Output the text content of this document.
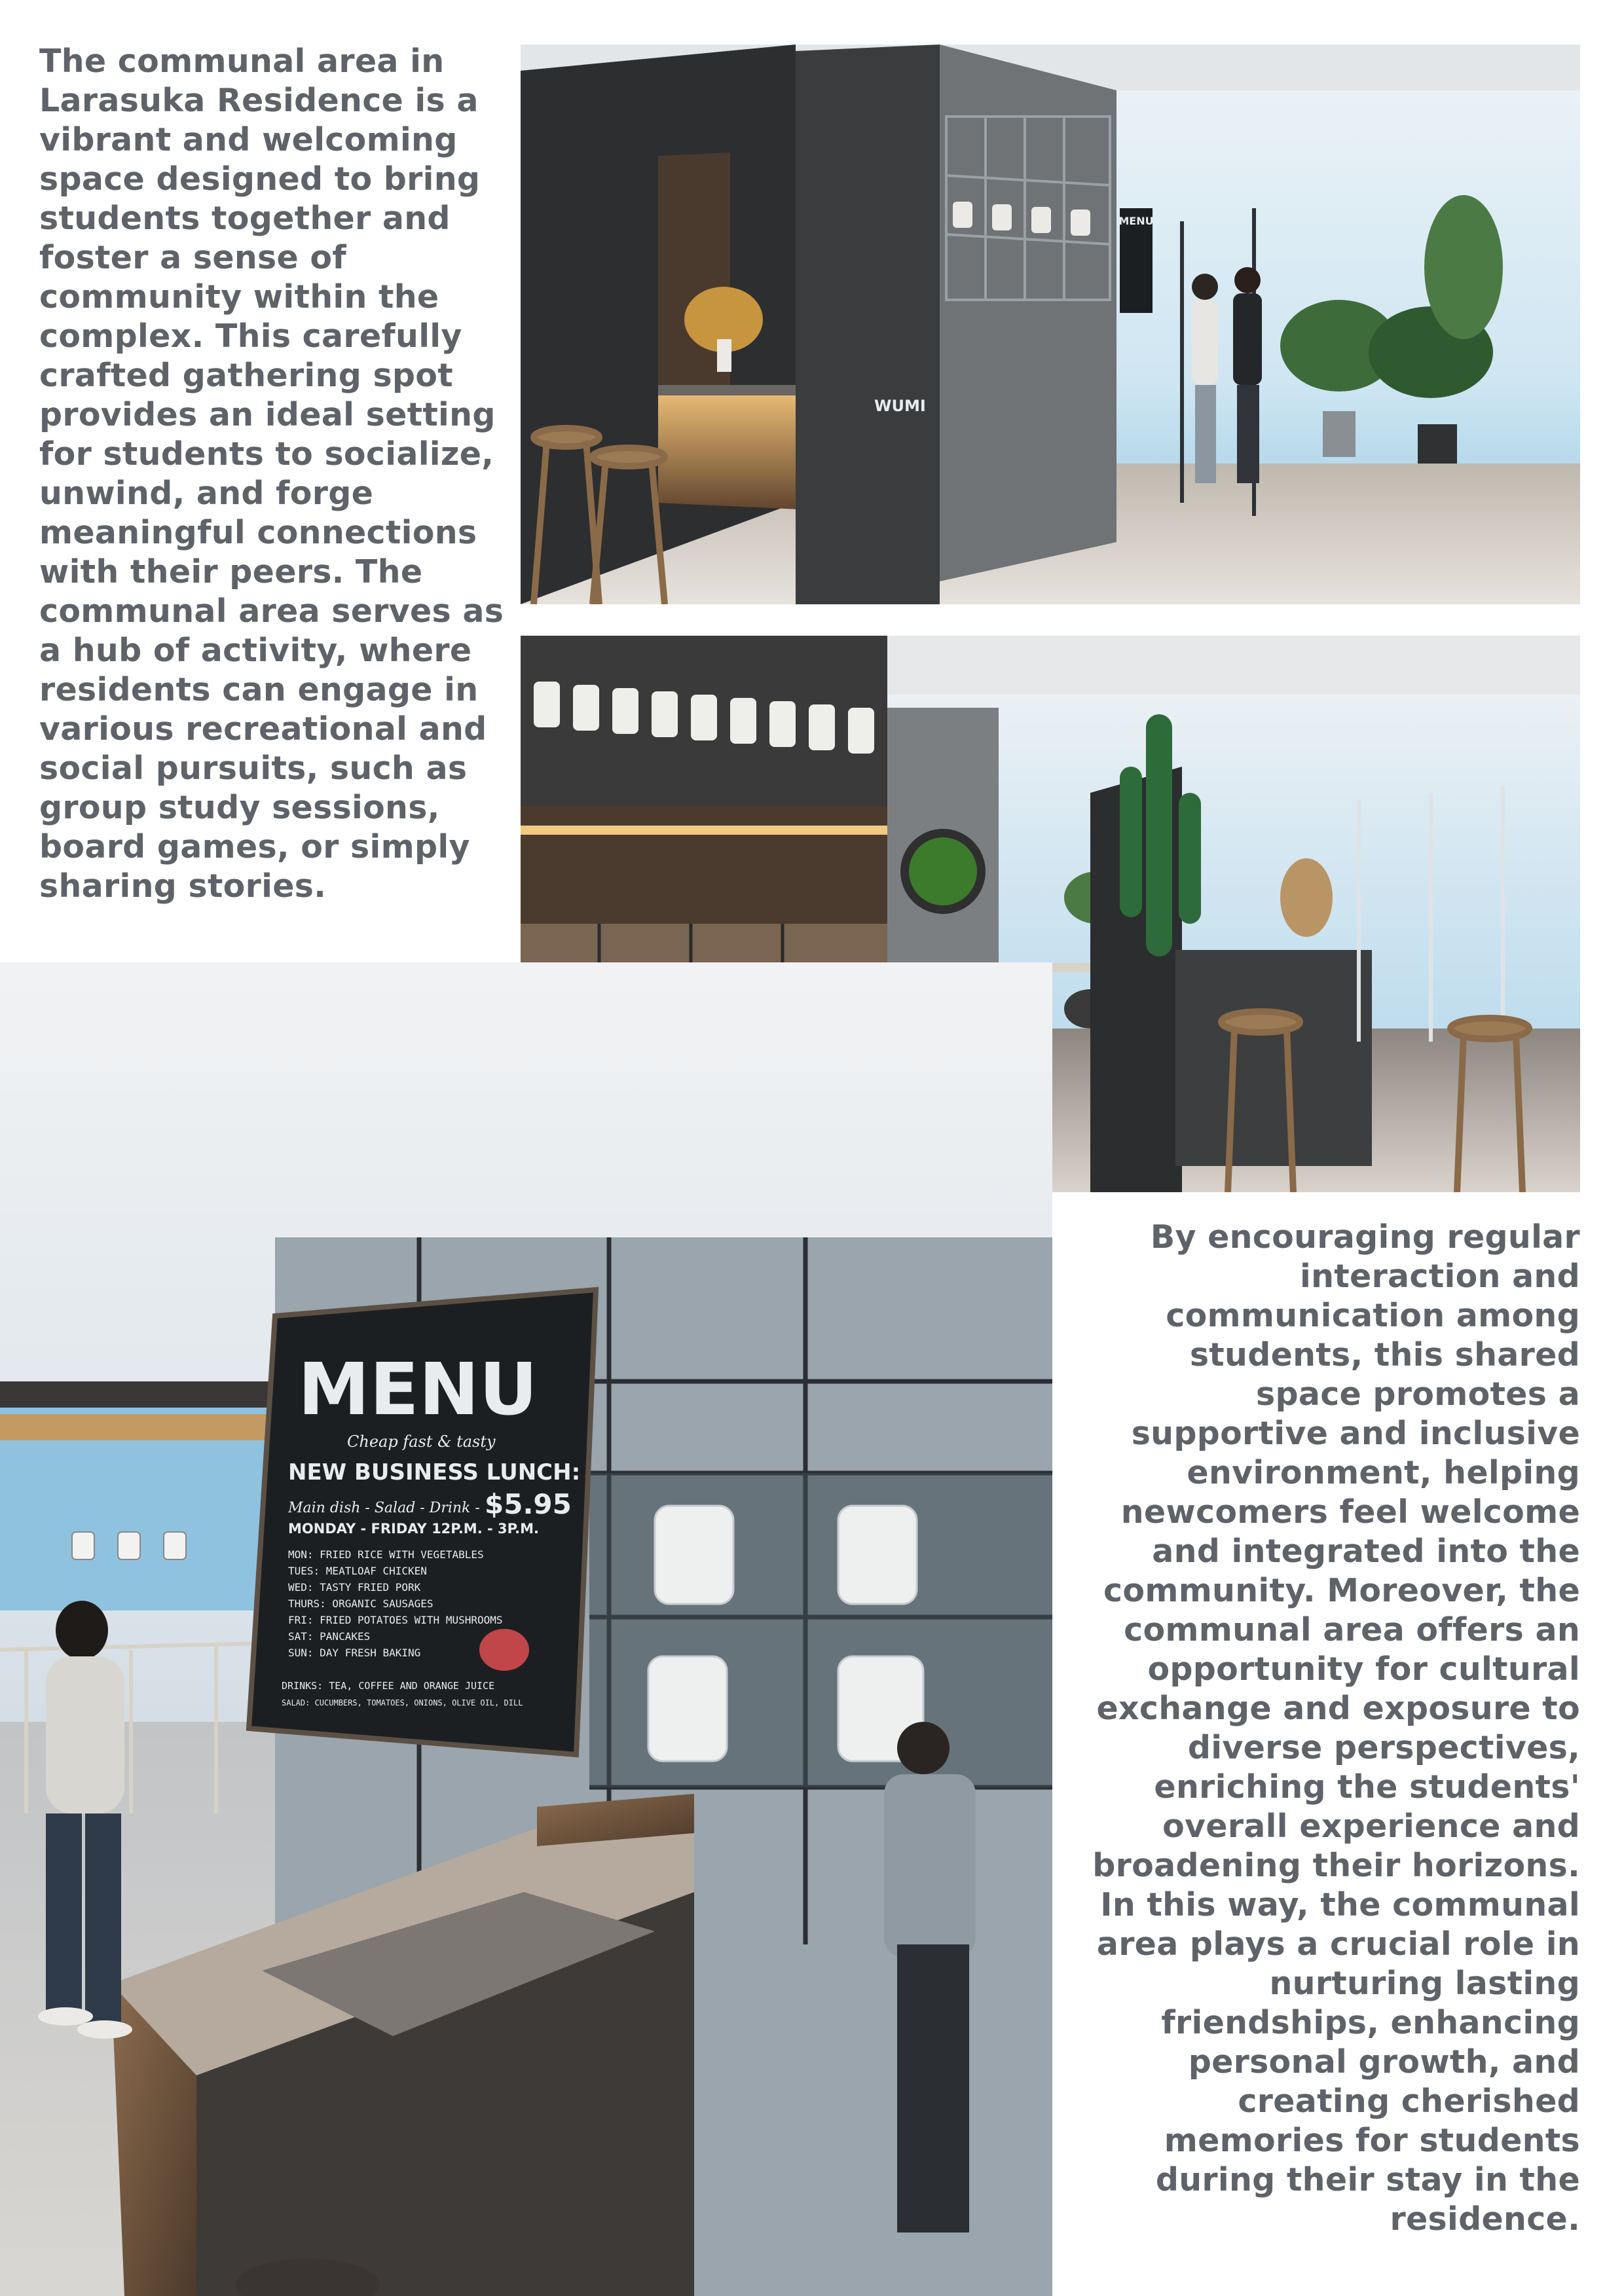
The communal area in Larasuka Residence is a vibrant and welcoming space designed to bring students together and foster a sense of community within the complex. This carefully crafted gathering spot provides an ideal setting for students to socialize, unwind, and forge meaningful connections with their peers. The communal area serves as a hub of activity, where residents can engage in various recreational and social pursuits, such as group study sessions, board games, or simply sharing stories.

MENU
WUMI
MENU
Cheap fast & tasty
NEW BUSINESS LUNCH:
Main dish - Salad - Drink - $5.95
MONDAY - FRIDAY 12P.M. - 3P.M.
MON: FRIED RICE WITH VEGETABLES
TUES: MEATLOAF CHICKEN
WED: TASTY FRIED PORK
THURS: ORGANIC SAUSAGES
FRI: FRIED POTATOES WITH MUSHROOMS
SAT: PANCAKES
SUN: DAY FRESH BAKING
DRINKS: TEA, COFFEE AND ORANGE JUICE
SALAD: CUCUMBERS, TOMATOES, ONIONS, OLIVE OIL, DILL
By encouraging regular interaction and communication among students, this shared space promotes a supportive and inclusive environment, helping newcomers feel welcome and integrated into the community. Moreover, the communal area offers an opportunity for cultural exchange and exposure to diverse perspectives, enriching the students' overall experience and broadening their horizons.
In this way, the communal area plays a crucial role in nurturing lasting friendships, enhancing personal growth, and creating cherished memories for students during their stay in the residence.
